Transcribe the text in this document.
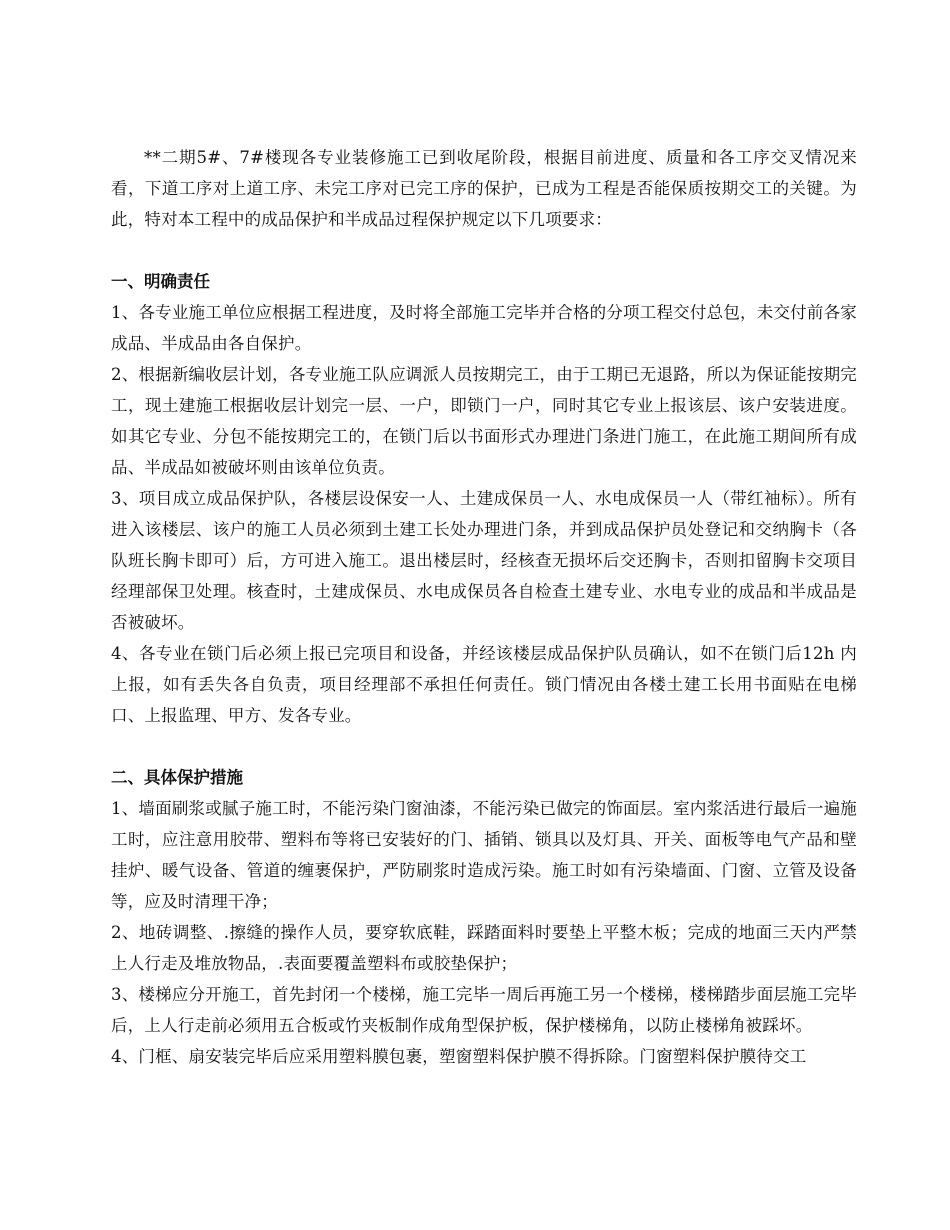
**二期5#、7#楼现各专业装修施工已到收尾阶段，根据目前进度、质量和各工序交叉情况来看，下道工序对上道工序、未完工序对已完工序的保护，已成为工程是否能保质按期交工的关键。为此，特对本工程中的成品保护和半成品过程保护规定以下几项要求：

一、明确责任

1、各专业施工单位应根据工程进度，及时将全部施工完毕并合格的分项工程交付总包，未交付前各家成品、半成品由各自保护。

2、根据新编收层计划，各专业施工队应调派人员按期完工，由于工期已无退路，所以为保证能按期完工，现土建施工根据收层计划完一层、一户，即锁门一户，同时其它专业上报该层、该户安装进度。如其它专业、分包不能按期完工的，在锁门后以书面形式办理进门条进门施工，在此施工期间所有成品、半成品如被破坏则由该单位负责。

3、项目成立成品保护队，各楼层设保安一人、土建成保员一人、水电成保员一人（带红袖标）。所有进入该楼层、该户的施工人员必须到土建工长处办理进门条，并到成品保护员处登记和交纳胸卡（各队班长胸卡即可）后，方可进入施工。退出楼层时，经核查无损坏后交还胸卡，否则扣留胸卡交项目经理部保卫处理。核查时，土建成保员、水电成保员各自检查土建专业、水电专业的成品和半成品是否被破坏。

4、各专业在锁门后必须上报已完项目和设备，并经该楼层成品保护队员确认，如不在锁门后12h 内上报，如有丢失各自负责，项目经理部不承担任何责任。锁门情况由各楼土建工长用书面贴在电梯口、上报监理、甲方、发各专业。

二、具体保护措施

1、墙面刷浆或腻子施工时，不能污染门窗油漆，不能污染已做完的饰面层。室内浆活进行最后一遍施工时，应注意用胶带、塑料布等将已安装好的门、插销、锁具以及灯具、开关、面板等电气产品和壁挂炉、暖气设备、管道的缠裹保护，严防刷浆时造成污染。施工时如有污染墙面、门窗、立管及设备等，应及时清理干净；

2、地砖调整、.擦缝的操作人员，要穿软底鞋，踩踏面料时要垫上平整木板；完成的地面三天内严禁上人行走及堆放物品，.表面要覆盖塑料布或胶垫保护；

3、楼梯应分开施工，首先封闭一个楼梯，施工完毕一周后再施工另一个楼梯，楼梯踏步面层施工完毕后，上人行走前必须用五合板或竹夹板制作成角型保护板，保护楼梯角，以防止楼梯角被踩坏。

4、门框、扇安装完毕后应采用塑料膜包裹，塑窗塑料保护膜不得拆除。门窗塑料保护膜待交工
